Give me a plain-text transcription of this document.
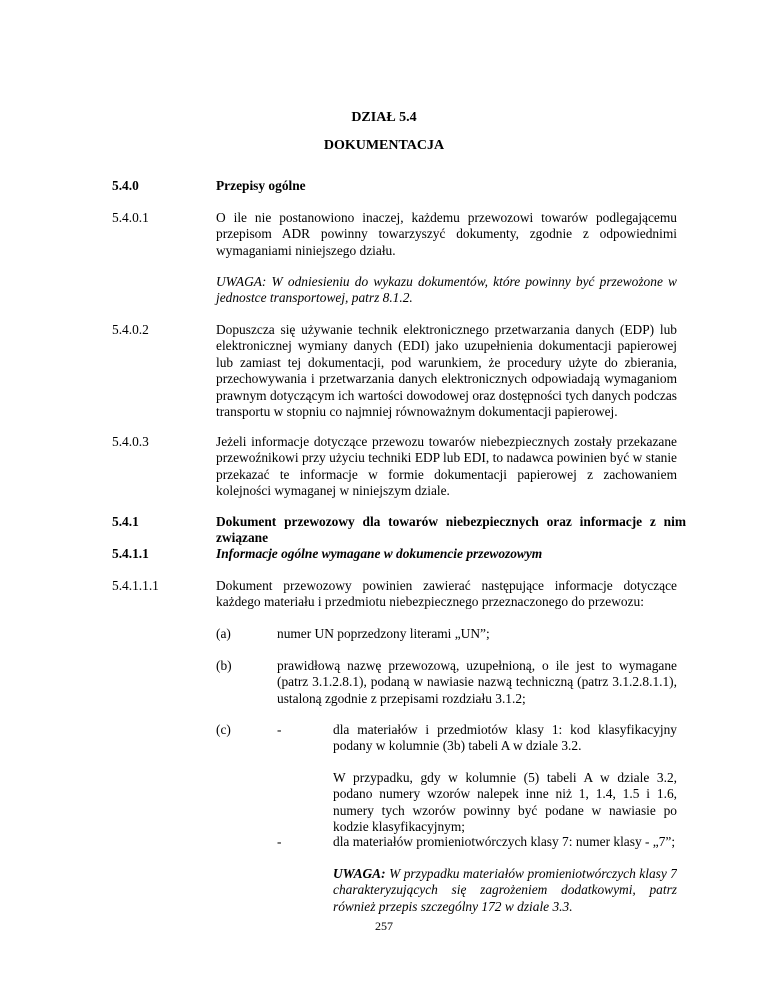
DZIAŁ 5.4
DOKUMENTACJA
5.4.0	Przepisy ogólne
5.4.0.1	O ile nie postanowiono inaczej, każdemu przewozowi towarów podlegającemu przepisom ADR powinny towarzyszyć dokumenty, zgodnie z odpowiednimi wymaganiami niniejszego działu.
UWAGA: W odniesieniu do wykazu dokumentów, które powinny być przewożone w jednostce transportowej, patrz 8.1.2.
5.4.0.2	Dopuszcza się używanie technik elektronicznego przetwarzania danych (EDP) lub elektronicznej wymiany danych (EDI) jako uzupełnienia dokumentacji papierowej lub zamiast tej dokumentacji, pod warunkiem, że procedury użyte do zbierania, przechowywania i przetwarzania danych elektronicznych odpowiadają wymaganiom prawnym dotyczącym ich wartości dowodowej oraz dostępności tych danych podczas transportu w stopniu co najmniej równoważnym dokumentacji papierowej.
5.4.0.3	Jeżeli informacje dotyczące przewozu towarów niebezpiecznych zostały przekazane przewoźnikowi przy użyciu techniki EDP lub EDI, to nadawca powinien być w stanie przekazać te informacje w formie dokumentacji papierowej z zachowaniem kolejności wymaganej w niniejszym dziale.
5.4.1	Dokument przewozowy dla towarów niebezpiecznych oraz informacje z nim związane
5.4.1.1	Informacje ogólne wymagane w dokumencie przewozowym
5.4.1.1.1	Dokument przewozowy powinien zawierać następujące informacje dotyczące każdego materiału i przedmiotu niebezpiecznego przeznaczonego do przewozu:
(a)	numer UN poprzedzony literami „UN”;
(b)	prawidłową nazwę przewozową, uzupełnioną, o ile jest to wymagane (patrz 3.1.2.8.1), podaną w nawiasie nazwą techniczną (patrz 3.1.2.8.1.1), ustaloną zgodnie z przepisami rozdziału 3.1.2;
(c)	-	dla materiałów i przedmiotów klasy 1: kod klasyfikacyjny podany w kolumnie (3b) tabeli A w dziale 3.2.
W przypadku, gdy w kolumnie (5) tabeli A w dziale 3.2, podano numery wzorów nalepek inne niż 1, 1.4, 1.5 i 1.6, numery tych wzorów powinny być podane w nawiasie po kodzie klasyfikacyjnym;
-	dla materiałów promieniotwórczych klasy 7: numer klasy - „7”;
UWAGA: W przypadku materiałów promieniotwórczych klasy 7 charakteryzujących się zagrożeniem dodatkowymi, patrz również przepis szczególny 172 w dziale 3.3.
257
